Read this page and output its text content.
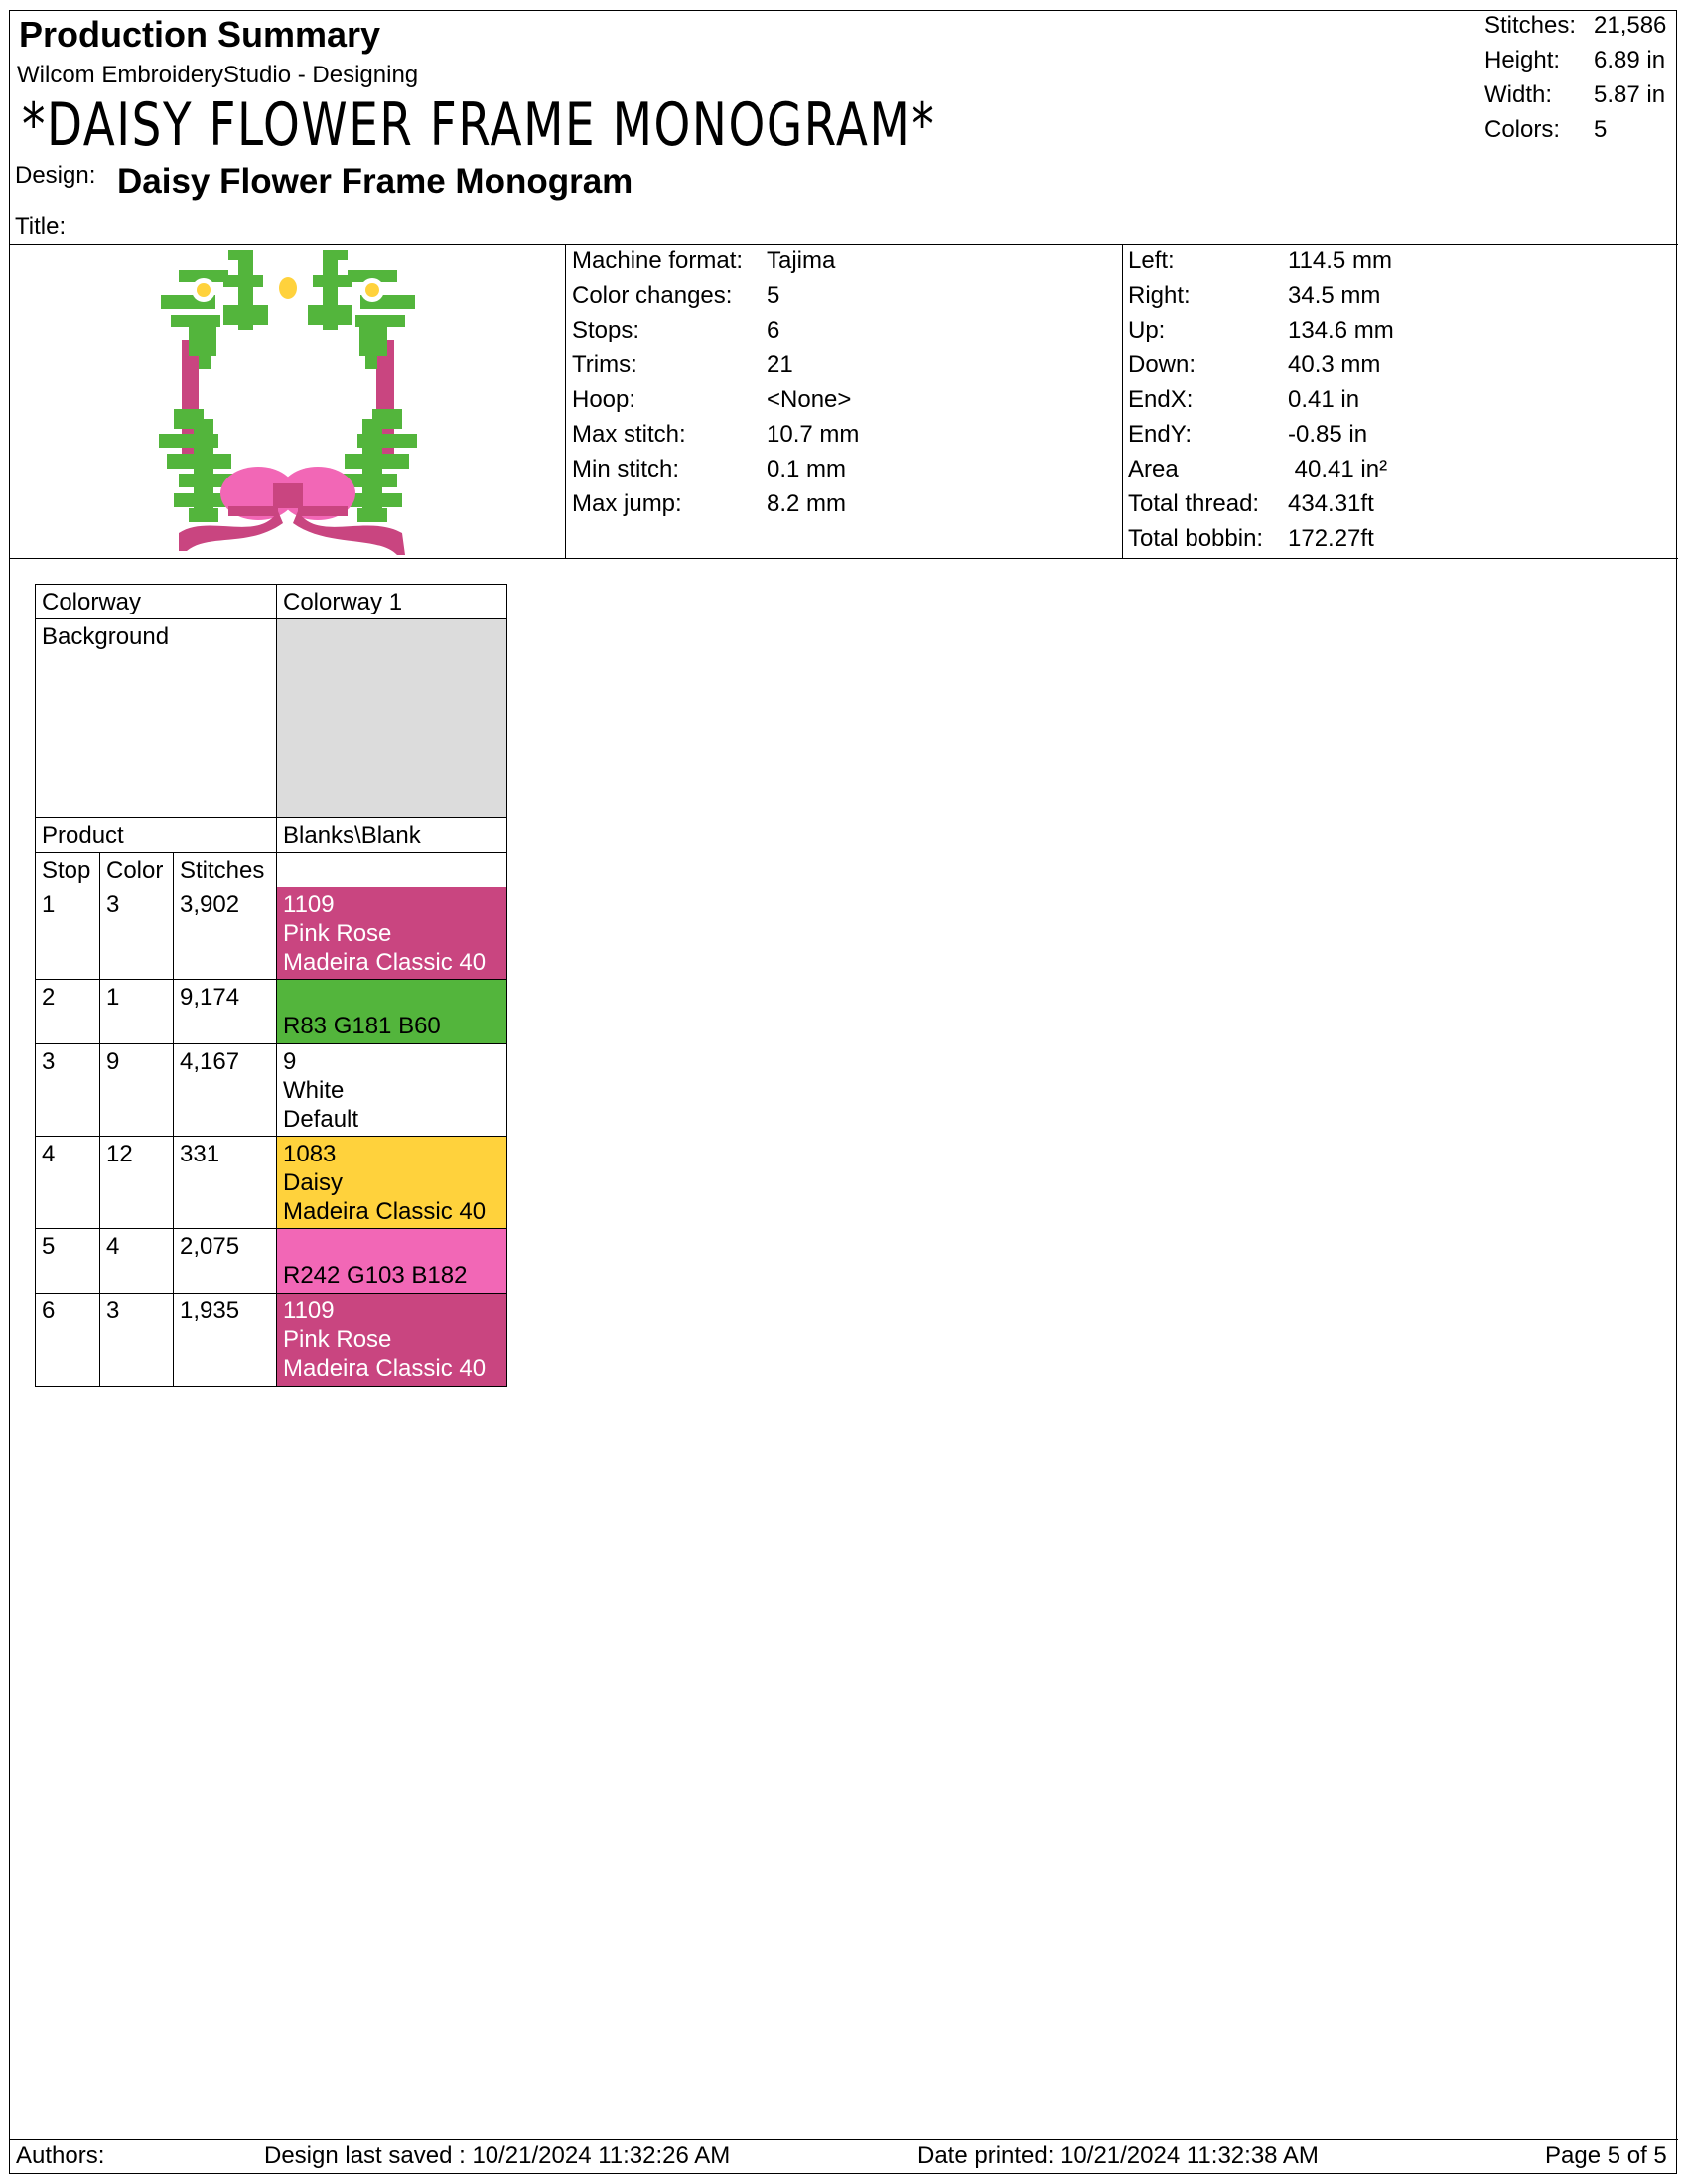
Production Summary
Wilcom EmbroideryStudio - Designing
*DAISY FLOWER FRAME MONOGRAM*
Design: Daisy Flower Frame Monogram
Title:
Stitches: 21,586
Height: 6.89 in
Width: 5.87 in
Colors: 5
Machine format: Tajima
Color changes: 5
Stops:	6
Trims:	21
Hoop:	<None>
Max stitch:	10.7 mm
Min stitch:	0.1 mm
Max jump:	8.2 mm
Left:	114.5 mm
Right:	34.5 mm
Up:	134.6 mm
Down:	40.3 mm
EndX:	0.41 in
EndY:	-0.85 in
Area	40.41 in²
Total thread: 434.31ft
Total bobbin: 172.27ft
Colorway			Colorway 1
Background			
Product			Blanks\Blank
Stop	Color	Stitches	
1	3	3,902	1109
Pink Rose
Madeira Classic 40

2	1	9,174	R83 G181 B60

3	9	4,167	9
White
Default

4	12	331	1083
Daisy
Madeira Classic 40

5	4	2,075	R242 G103 B182

6	3	1,935	1109
Pink Rose
Madeira Classic 40
Authors:	Design last saved : 10/21/2024 11:32:26 AM	Date printed: 10/21/2024 11:32:38 AM	Page 5 of 5
